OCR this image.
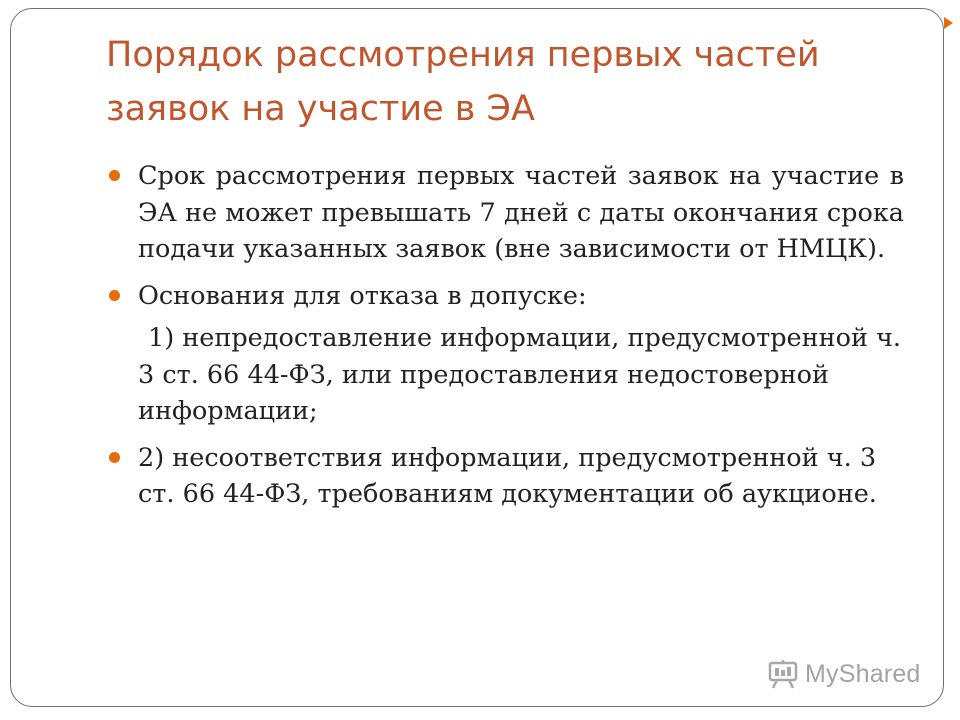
Порядок рассмотрения первых частей заявок на участие в ЭА
Срок рассмотрения первых частей заявок на участие в ЭА не может превышать 7 дней с даты окончания срока подачи указанных заявок (вне зависимости от НМЦК).
Основания для отказа в допуске:
1) непредоставление информации, предусмотренной ч. 3 ст. 66 44-ФЗ, или предоставления недостоверной информации;
2) несоответствия информации, предусмотренной ч. 3 ст. 66 44-ФЗ, требованиям документации об аукционе.
MyShared
